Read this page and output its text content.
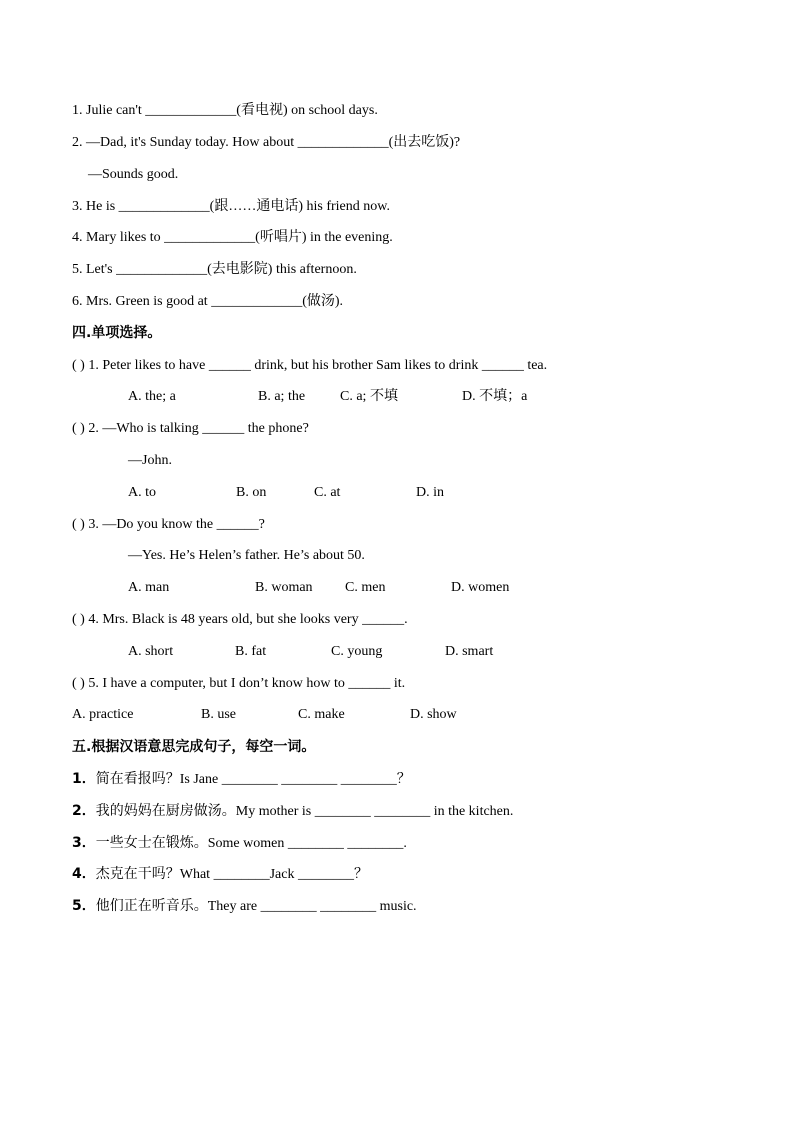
1. Julie can't _____________(看电视) on school days.
2. —Dad, it's Sunday today. How about _____________(出去吃饭)?
—Sounds good.
3. He is _____________(跟……通电话) his friend now.
4. Mary likes to _____________(听唱片) in the evening.
5. Let's _____________(去电影院) this afternoon.
6. Mrs. Green is good at _____________(做汤).
四.单项选择。
( ) 1. Peter likes to have ______ drink, but his brother Sam likes to drink ______ tea.
A. the; a	B. a; the C. a; 不填	D. 不填；a
( ) 2. —Who is talking ______ the phone?
—John.
A. to	B. on	C. at	D. in
( ) 3. —Do you know the ______?
—Yes. He’s Helen’s father. He’s about 50.
A. man	B. woman C. men	D. women
( ) 4. Mrs. Black is 48 years old, but she looks very ______.
A. short	B. fat	C. young	D. smart
( ) 5. I have a computer, but I don’t know how to ______ it.
A. practice	B. use	C. make	D. show
五.根据汉语意思完成句子，每空一词。
1．简在看报吗？Is Jane ________ ________ ________？
2．我的妈妈在厨房做汤。My mother is ________ ________ in the kitchen.
3．一些女士在锻炼。Some women ________ ________.
4．杰克在干吗？What ________Jack ________？
5．他们正在听音乐。They are ________ ________ music.
